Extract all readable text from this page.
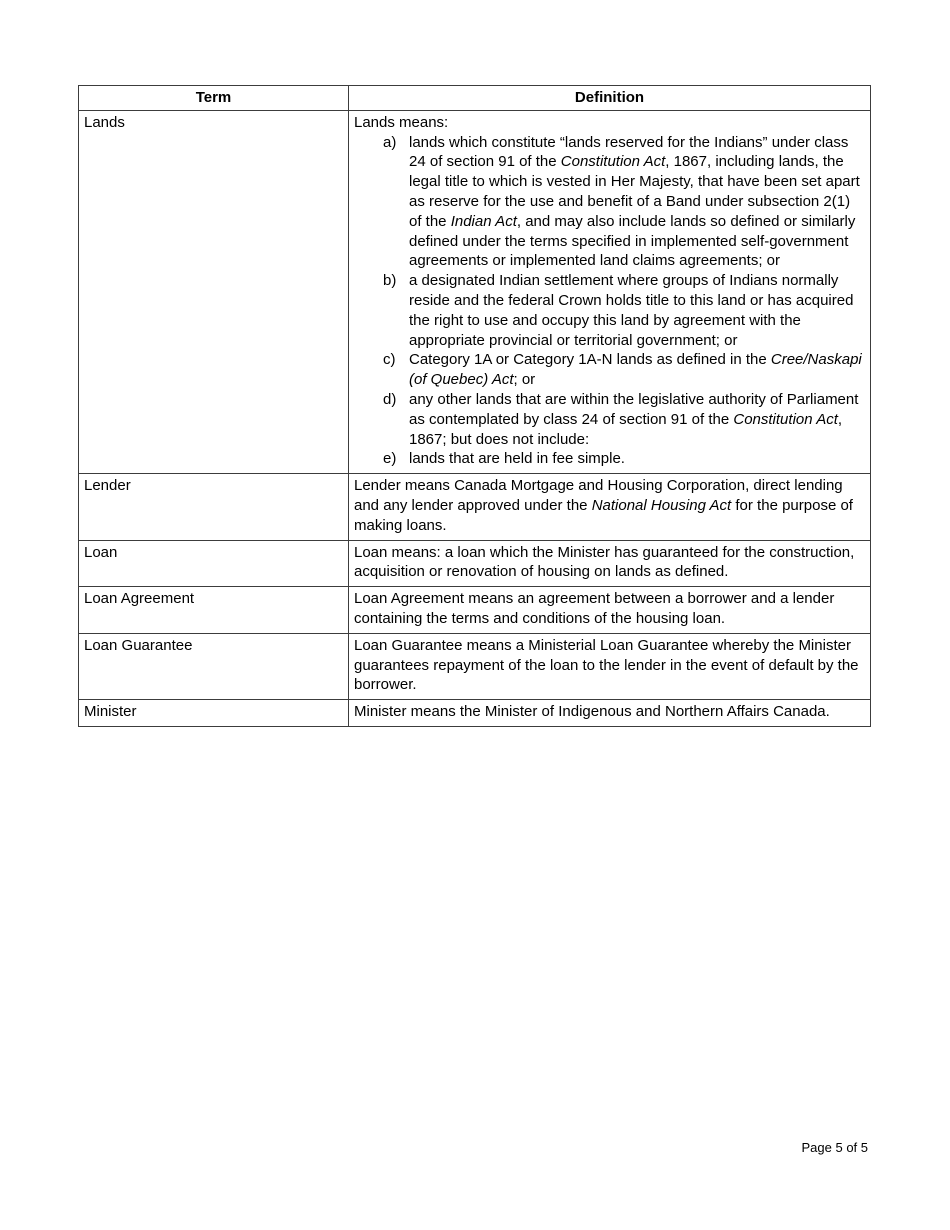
Term	Definition
Lands	Lands means:
a) lands which constitute “lands reserved for the Indians” under class 24 of section 91 of the Constitution Act, 1867, including lands, the legal title to which is vested in Her Majesty, that have been set apart as reserve for the use and benefit of a Band under subsection 2(1) of the Indian Act, and may also include lands so defined or similarly defined under the terms specified in implemented self-government agreements or implemented land claims agreements; or
b) a designated Indian settlement where groups of Indians normally reside and the federal Crown holds title to this land or has acquired the right to use and occupy this land by agreement with the appropriate provincial or territorial government; or
c) Category 1A or Category 1A-N lands as defined in the Cree/Naskapi (of Quebec) Act; or
d) any other lands that are within the legislative authority of Parliament as contemplated by class 24 of section 91 of the Constitution Act, 1867; but does not include:
e) lands that are held in fee simple.

Lender	Lender means Canada Mortgage and Housing Corporation, direct lending and any lender approved under the National Housing Act for the purpose of making loans.

Loan	Loan means: a loan which the Minister has guaranteed for the construction, acquisition or renovation of housing on lands as defined.

Loan Agreement	Loan Agreement means an agreement between a borrower and a lender containing the terms and conditions of the housing loan.

Loan Guarantee	Loan Guarantee means a Ministerial Loan Guarantee whereby the Minister guarantees repayment of the loan to the lender in the event of default by the borrower.

Minister	Minister means the Minister of Indigenous and Northern Affairs Canada.
Page 5 of 5
